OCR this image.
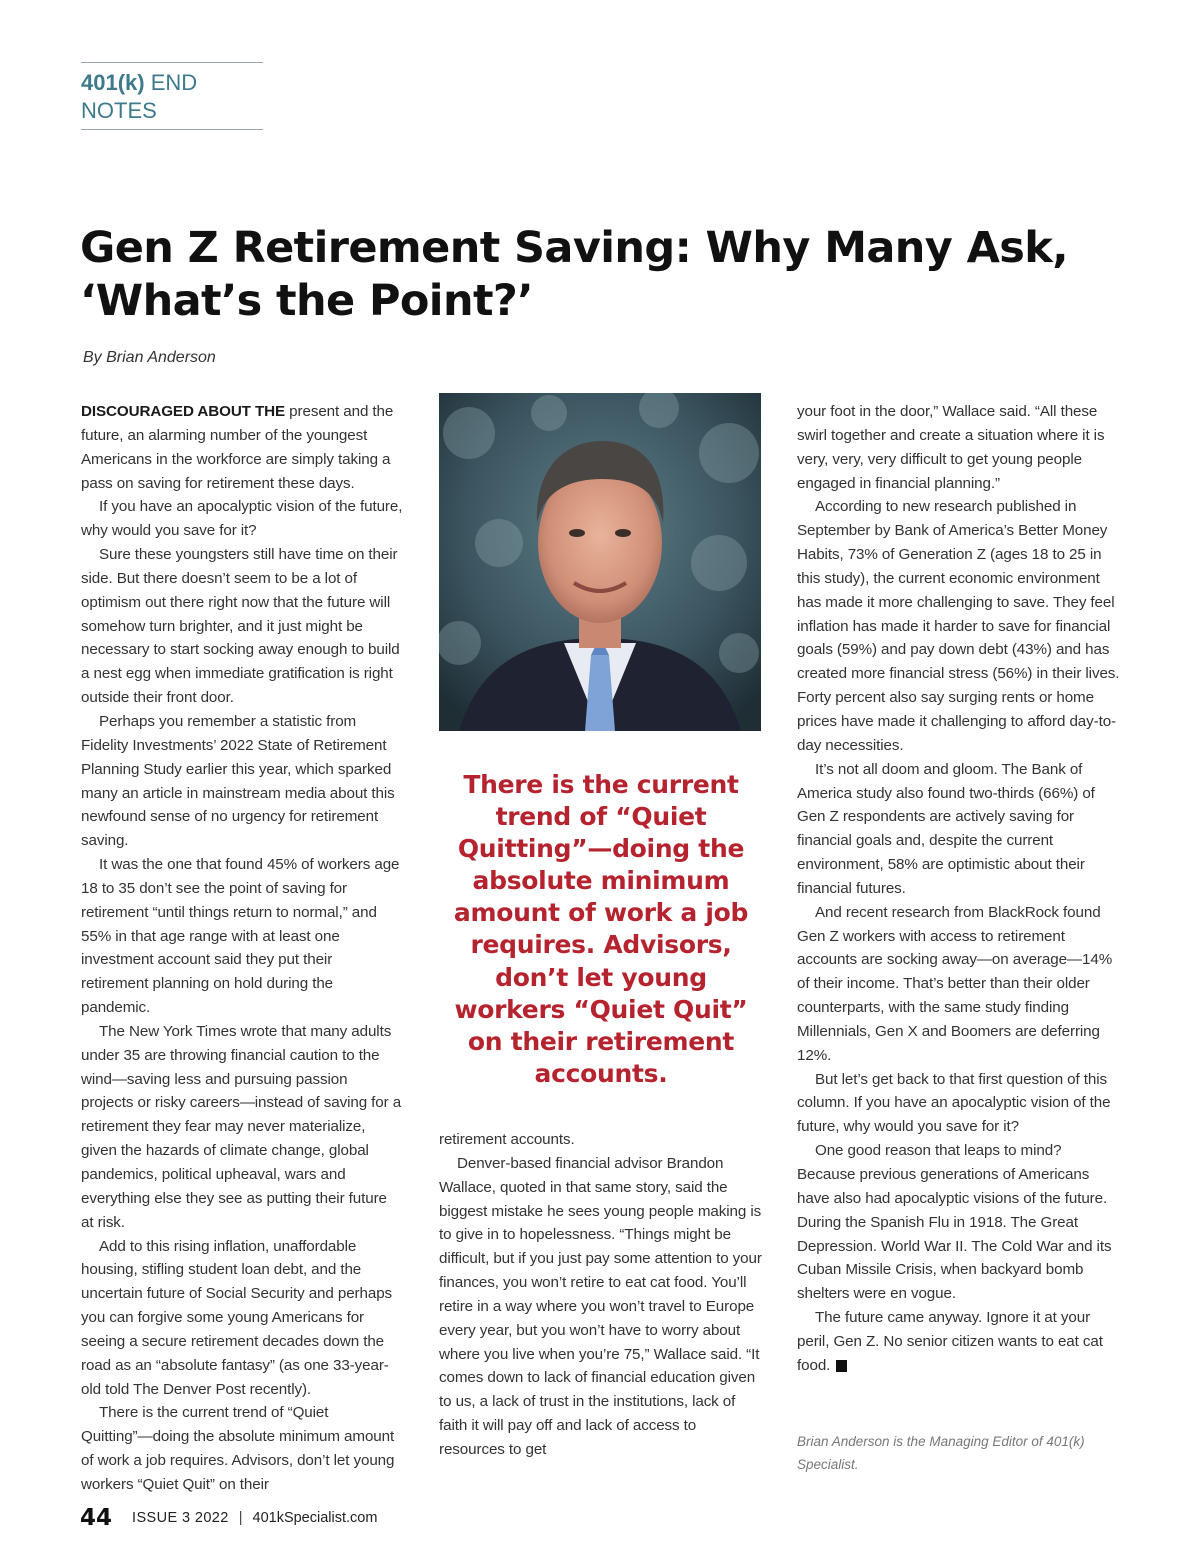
401(k) END NOTES
Gen Z Retirement Saving: Why Many Ask,
‘What’s the Point?’
By Brian Anderson

DISCOURAGED ABOUT THE present and the future, an alarming number of the youngest Americans in the workforce are simply taking a pass on saving for retirement these days.

If you have an apocalyptic vision of the future, why would you save for it?

Sure these youngsters still have time on their side. But there doesn’t seem to be a lot of optimism out there right now that the future will somehow turn brighter, and it just might be necessary to start socking away enough to build a nest egg when immediate gratification is right outside their front door.

Perhaps you remember a statistic from Fidelity Investments’ 2022 State of Retirement Planning Study earlier this year, which sparked many an article in mainstream media about this newfound sense of no urgency for retirement saving.

It was the one that found 45% of workers age 18 to 35 don’t see the point of saving for retirement “until things return to normal,” and 55% in that age range with at least one investment account said they put their retirement planning on hold during the pandemic.

The New York Times wrote that many adults under 35 are throwing financial caution to the wind—saving less and pursuing passion projects or risky careers—instead of saving for a retirement they fear may never materialize, given the hazards of climate change, global pandemics, political upheaval, wars and everything else they see as putting their future at risk.

Add to this rising inflation, unaffordable housing, stifling student loan debt, and the uncertain future of Social Security and perhaps you can forgive some young Americans for seeing a secure retirement decades down the road as an “absolute fantasy” (as one 33-year-old told The Denver Post recently).

There is the current trend of “Quiet Quitting”—doing the absolute minimum amount of work a job requires. Advisors, don’t let young workers “Quiet Quit” on their

There is the current trend of “Quiet Quitting”—doing the absolute minimum amount of work a job requires. Advisors, don’t let young workers “Quiet Quit” on their retirement accounts.

retirement accounts.

Denver-based financial advisor Brandon Wallace, quoted in that same story, said the biggest mistake he sees young people making is to give in to hopelessness. “Things might be difficult, but if you just pay some attention to your finances, you won’t retire to eat cat food. You’ll retire in a way where you won’t travel to Europe every year, but you won’t have to worry about where you live when you’re 75,” Wallace said. “It comes down to lack of financial education given to us, a lack of trust in the institutions, lack of faith it will pay off and lack of access to resources to get

your foot in the door,” Wallace said. “All these swirl together and create a situation where it is very, very, very difficult to get young people engaged in financial planning.”

According to new research published in September by Bank of America’s Better Money Habits, 73% of Generation Z (ages 18 to 25 in this study), the current economic environment has made it more challenging to save. They feel inflation has made it harder to save for financial goals (59%) and pay down debt (43%) and has created more financial stress (56%) in their lives. Forty percent also say surging rents or home prices have made it challenging to afford day-to-day necessities.

It’s not all doom and gloom. The Bank of America study also found two-thirds (66%) of Gen Z respondents are actively saving for financial goals and, despite the current environment, 58% are optimistic about their financial futures.

And recent research from BlackRock found Gen Z workers with access to retirement accounts are socking away—on average—14% of their income. That’s better than their older counterparts, with the same study finding Millennials, Gen X and Boomers are deferring 12%.

But let’s get back to that first question of this column. If you have an apocalyptic vision of the future, why would you save for it?

One good reason that leaps to mind? Because previous generations of Americans have also had apocalyptic visions of the future. During the Spanish Flu in 1918. The Great Depression. World War II. The Cold War and its Cuban Missile Crisis, when backyard bomb shelters were en vogue.

The future came anyway. Ignore it at your peril, Gen Z. No senior citizen wants to eat cat food.	K

Brian Anderson is the Managing Editor of 401(k) Specialist.
44 ISSUE 3 2022 | 401kSpecialist.com
